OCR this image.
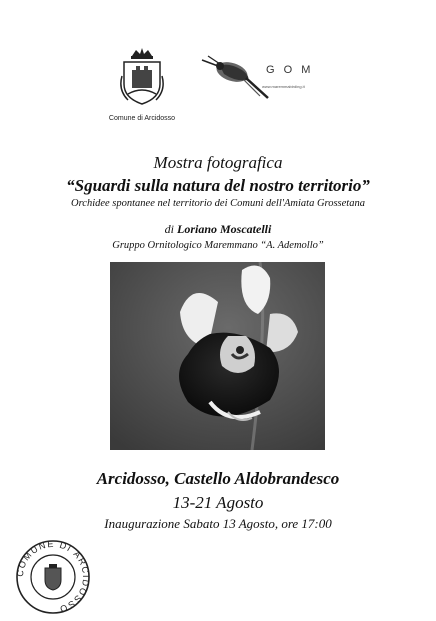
Comune di Arcidosso
G O M
www.maremmabirding.it
Mostra fotografica
“Sguardi sulla natura del nostro territorio”
Orchidee spontanee nel territorio dei Comuni dell'Amiata Grossetana
di Loriano Moscatelli
Gruppo Ornitologico Maremmano “A. Ademollo”
Arcidosso, Castello Aldobrandesco
13-21 Agosto
Inaugurazione Sabato 13 Agosto, ore 17:00
COMUNE DI ARCIDOSSO
